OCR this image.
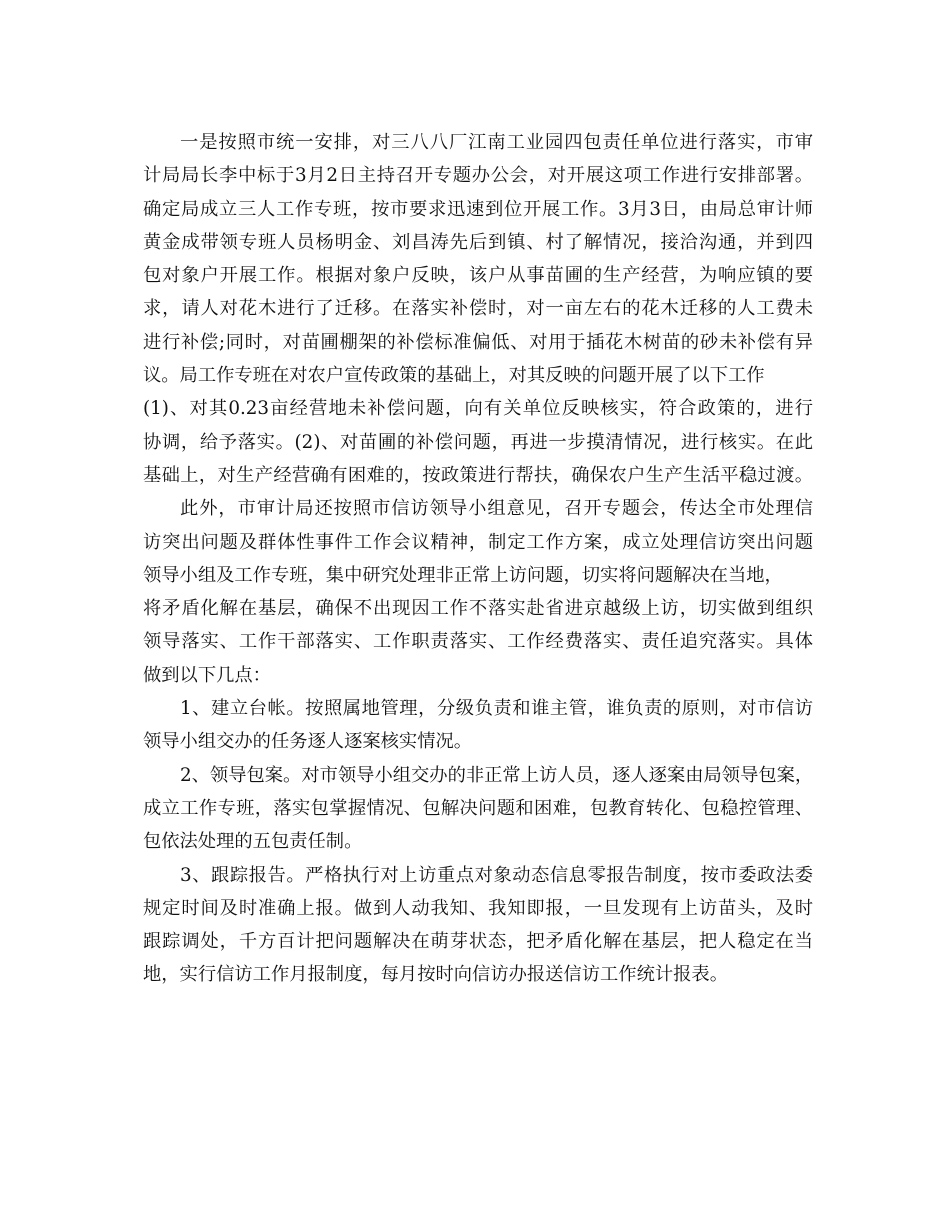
一是按照市统一安排，对三八八厂江南工业园四包责任单位进行落实，市审
计局局长李中标于3月2日主持召开专题办公会，对开展这项工作进行安排部署。
确定局成立三人工作专班，按市要求迅速到位开展工作。3月3日，由局总审计师
黄金成带领专班人员杨明金、刘昌涛先后到镇、村了解情况，接洽沟通，并到四
包对象户开展工作。根据对象户反映，该户从事苗圃的生产经营，为响应镇的要
求，请人对花木进行了迁移。在落实补偿时，对一亩左右的花木迁移的人工费未
进行补偿;同时，对苗圃棚架的补偿标准偏低、对用于插花木树苗的砂未补偿有异
议。局工作专班在对农户宣传政策的基础上，对其反映的问题开展了以下工作
(1)、对其0.23亩经营地未补偿问题，向有关单位反映核实，符合政策的，进行
协调，给予落实。(2)、对苗圃的补偿问题，再进一步摸清情况，进行核实。在此
基础上，对生产经营确有困难的，按政策进行帮扶，确保农户生产生活平稳过渡。
此外，市审计局还按照市信访领导小组意见，召开专题会，传达全市处理信
访突出问题及群体性事件工作会议精神，制定工作方案，成立处理信访突出问题
领导小组及工作专班，集中研究处理非正常上访问题，切实将问题解决在当地，
将矛盾化解在基层，确保不出现因工作不落实赴省进京越级上访，切实做到组织
领导落实、工作干部落实、工作职责落实、工作经费落实、责任追究落实。具体
做到以下几点：
1、建立台帐。按照属地管理，分级负责和谁主管，谁负责的原则，对市信访
领导小组交办的任务逐人逐案核实情况。
2、领导包案。对市领导小组交办的非正常上访人员，逐人逐案由局领导包案，
成立工作专班，落实包掌握情况、包解决问题和困难，包教育转化、包稳控管理、
包依法处理的五包责任制。
3、跟踪报告。严格执行对上访重点对象动态信息零报告制度，按市委政法委
规定时间及时准确上报。做到人动我知、我知即报，一旦发现有上访苗头，及时
跟踪调处，千方百计把问题解决在萌芽状态，把矛盾化解在基层，把人稳定在当
地，实行信访工作月报制度，每月按时向信访办报送信访工作统计报表。
